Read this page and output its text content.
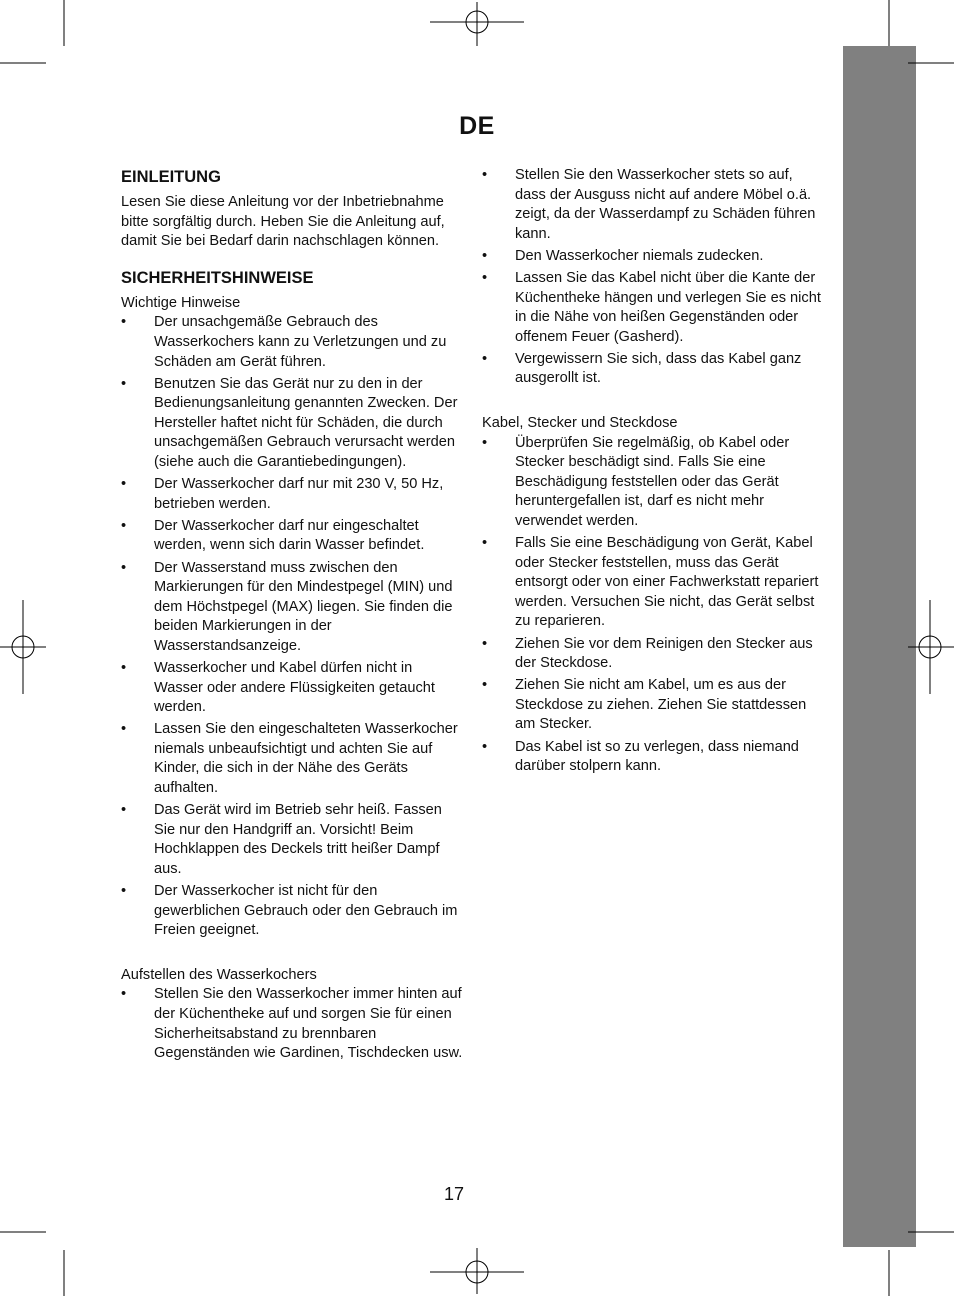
DE
EINLEITUNG

Lesen Sie diese Anleitung vor der Inbetriebnahme bitte sorgfältig durch. Heben Sie die Anleitung auf, damit Sie bei Bedarf darin nachschlagen können.

SICHERHEITSHINWEISE

Wichtige Hinweise

•	Der unsachgemäße Gebrauch des Wasserkochers kann zu Verletzungen und zu Schäden am Gerät führen.
•	Benutzen Sie das Gerät nur zu den in der Bedienungsanleitung genannten Zwecken. Der Hersteller haftet nicht für Schäden, die durch unsachgemäßen Gebrauch verursacht werden (siehe auch die Garantiebedingungen).
•	Der Wasserkocher darf nur mit 230 V, 50 Hz, betrieben werden.
•	Der Wasserkocher darf nur eingeschaltet werden, wenn sich darin Wasser befindet.
•	Der Wasserstand muss zwischen den Markierungen für den Mindestpegel (MIN) und dem Höchstpegel (MAX) liegen. Sie finden die beiden Markierungen in der Wasserstandsanzeige.
•	Wasserkocher und Kabel dürfen nicht in Wasser oder andere Flüssigkeiten getaucht werden.
•	Lassen Sie den eingeschalteten Wasserkocher niemals unbeaufsichtigt und achten Sie auf Kinder, die sich in der Nähe des Geräts aufhalten.
•	Das Gerät wird im Betrieb sehr heiß. Fassen Sie nur den Handgriff an. Vorsicht! Beim Hochklappen des Deckels tritt heißer Dampf aus.
•	Der Wasserkocher ist nicht für den gewerblichen Gebrauch oder den Gebrauch im Freien geeignet.

Aufstellen des Wasserkochers

•	Stellen Sie den Wasserkocher immer hinten auf der Küchentheke auf und sorgen Sie für einen Sicherheitsabstand zu brennbaren Gegenständen wie Gardinen, Tischdecken usw.
•	Stellen Sie den Wasserkocher stets so auf, dass der Ausguss nicht auf andere Möbel o.ä. zeigt, da der Wasserdampf zu Schäden führen kann.
•	Den Wasserkocher niemals zudecken.
•	Lassen Sie das Kabel nicht über die Kante der Küchentheke hängen und verlegen Sie es nicht in die Nähe von heißen Gegenständen oder offenem Feuer (Gasherd).
•	Vergewissern Sie sich, dass das Kabel ganz ausgerollt ist.

Kabel, Stecker und Steckdose

•	Überprüfen Sie regelmäßig, ob Kabel oder Stecker beschädigt sind. Falls Sie eine Beschädigung feststellen oder das Gerät heruntergefallen ist, darf es nicht mehr verwendet werden.
•	Falls Sie eine Beschädigung von Gerät, Kabel oder Stecker feststellen, muss das Gerät entsorgt oder von einer Fachwerkstatt repariert werden. Versuchen Sie nicht, das Gerät selbst zu reparieren.
•	Ziehen Sie vor dem Reinigen den Stecker aus der Steckdose.
•	Ziehen Sie nicht am Kabel, um es aus der Steckdose zu ziehen. Ziehen Sie stattdessen am Stecker.
•	Das Kabel ist so zu verlegen, dass niemand darüber stolpern kann.
17
